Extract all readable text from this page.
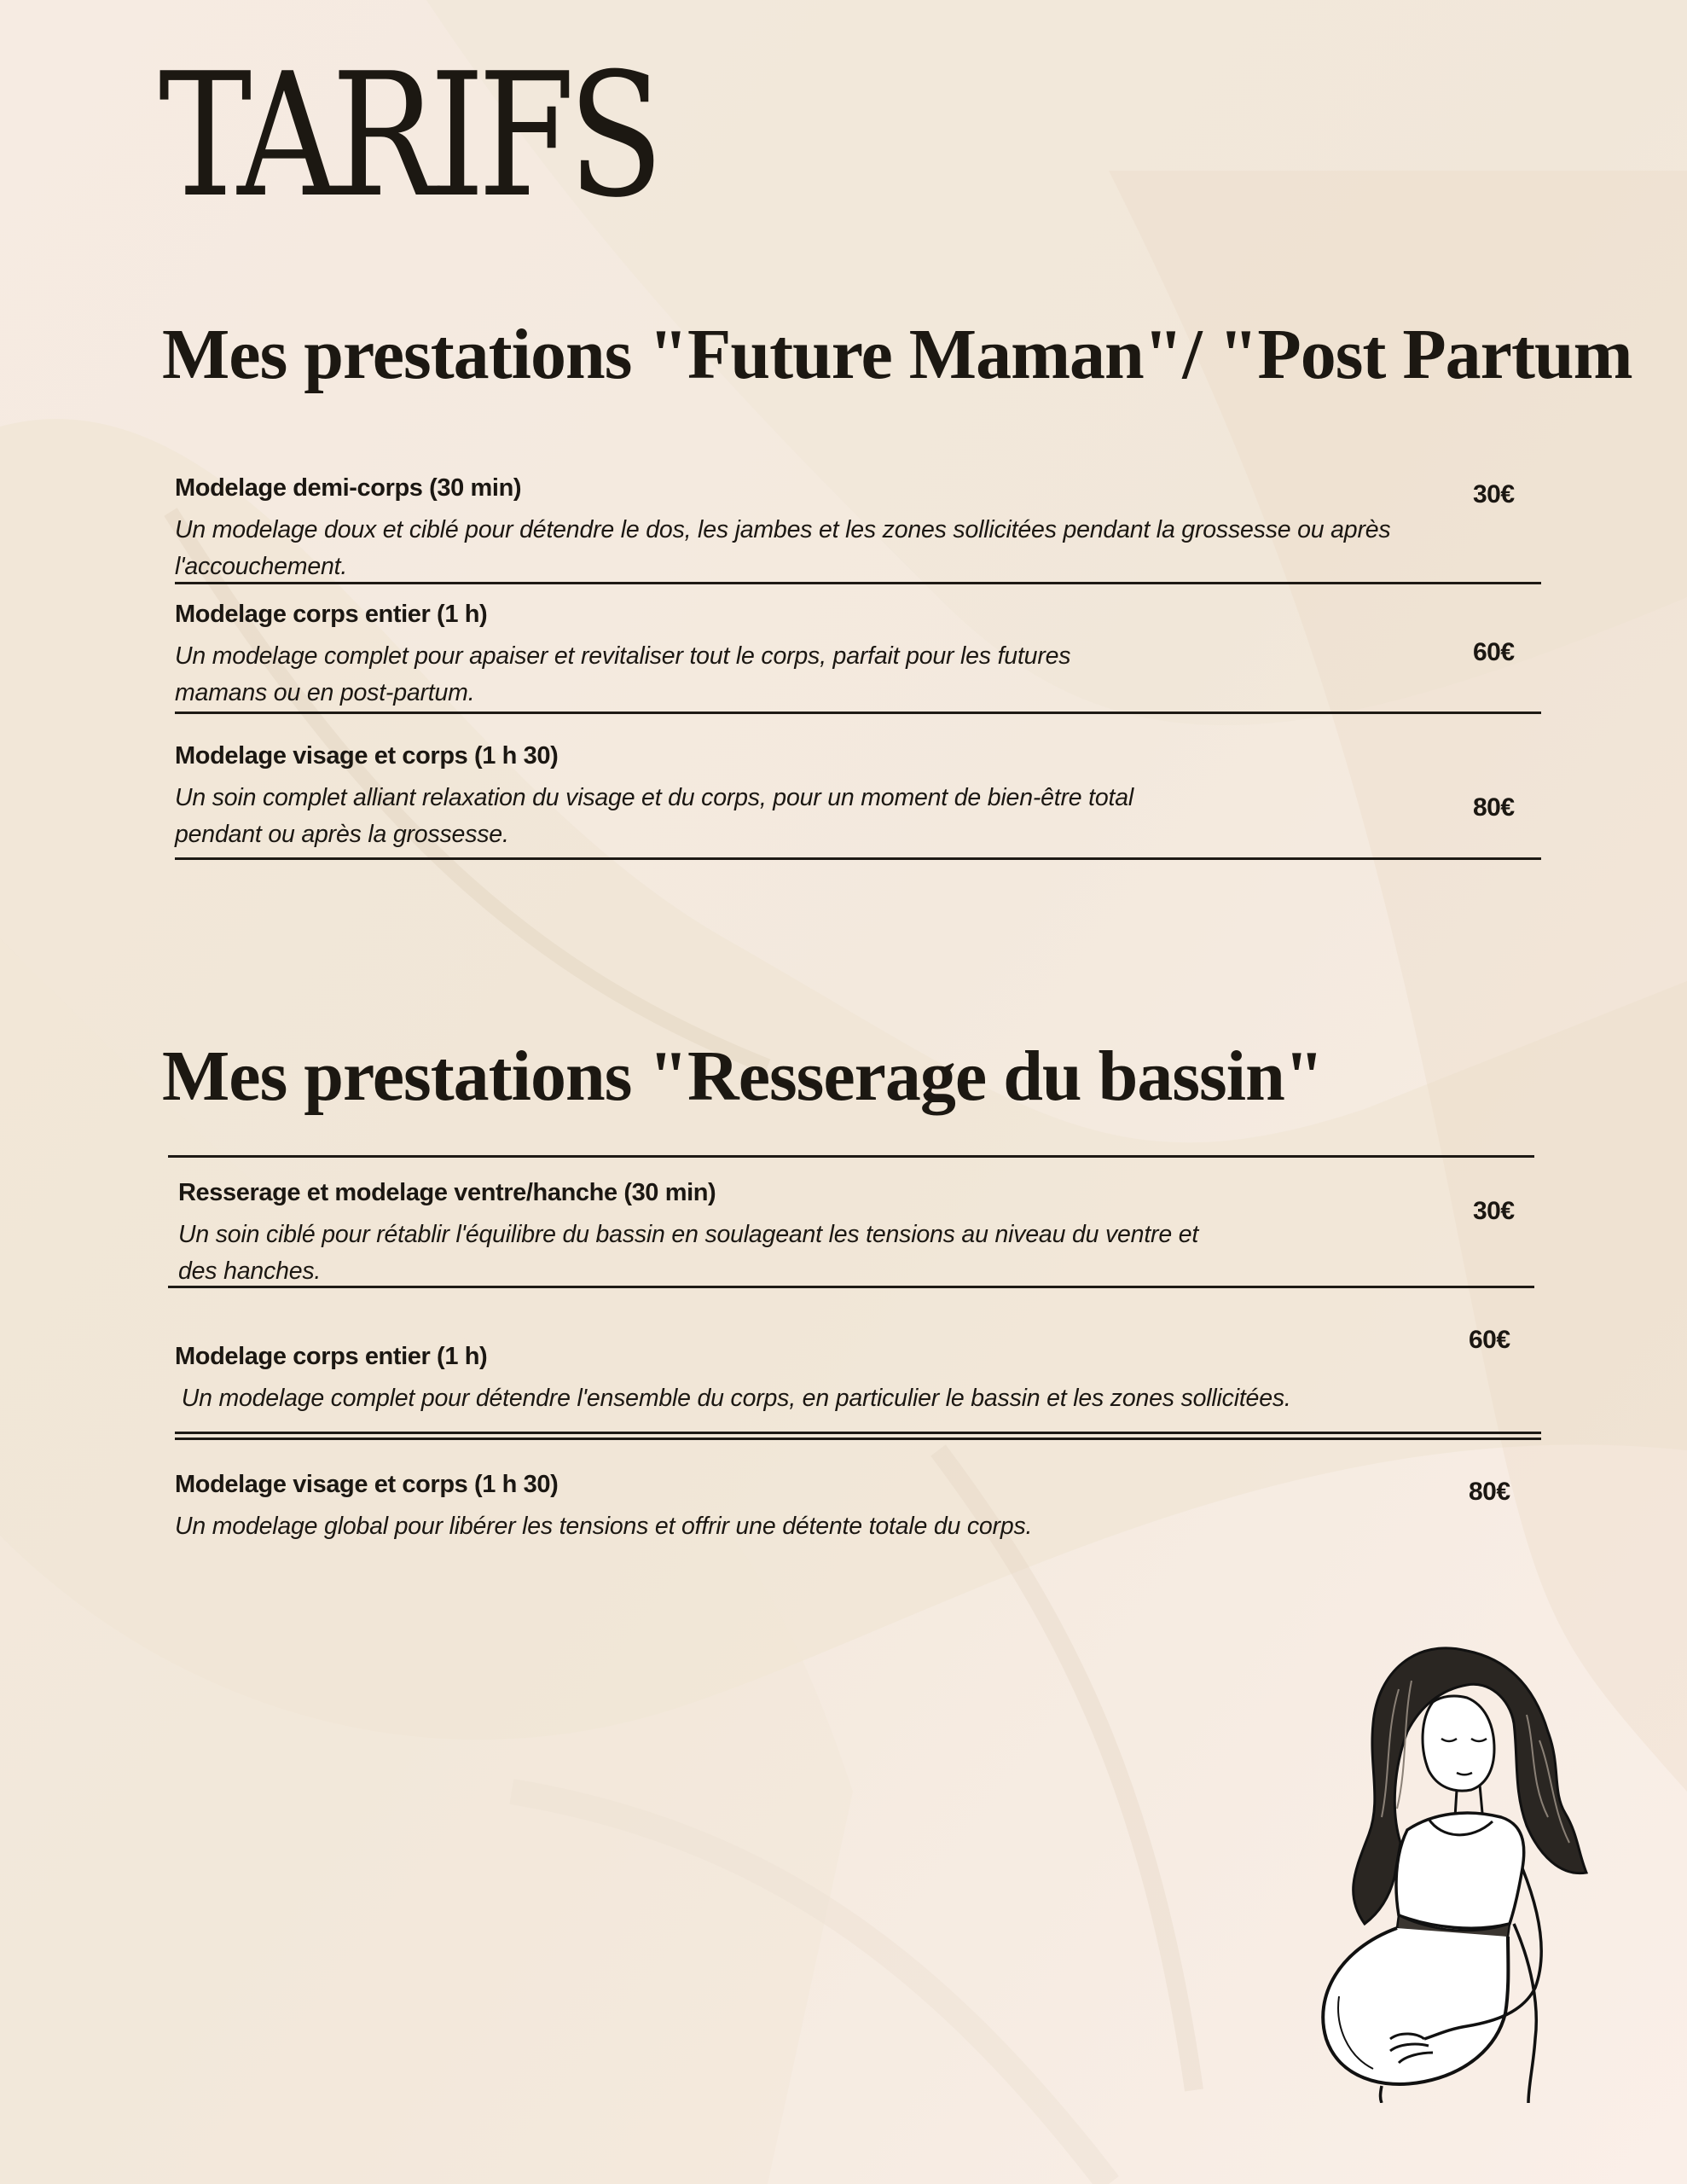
TARIFS
Mes prestations "Future Maman"/ "Post Partum
Modelage demi-corps (30 min)
Un modelage doux et ciblé pour détendre le dos, les jambes et les zones sollicitées pendant la grossesse ou après l'accouchement.
30€
Modelage corps entier (1 h)
Un modelage complet pour apaiser et revitaliser tout le corps, parfait pour les futures mamans ou en post-partum.
60€
Modelage visage et corps (1 h 30)
Un soin complet alliant relaxation du visage et du corps, pour un moment de bien-être total pendant ou après la grossesse.
80€
Mes prestations "Resserage du bassin"
Resserage et modelage ventre/hanche (30 min)
Un soin ciblé pour rétablir l'équilibre du bassin en soulageant les tensions au niveau du ventre et des hanches.
30€
Modelage corps entier (1 h)
Un modelage complet pour détendre l'ensemble du corps, en particulier le bassin et les zones sollicitées.
60€
Modelage visage et corps (1 h 30)
Un modelage global pour libérer les tensions et offrir une détente totale du corps.
80€
